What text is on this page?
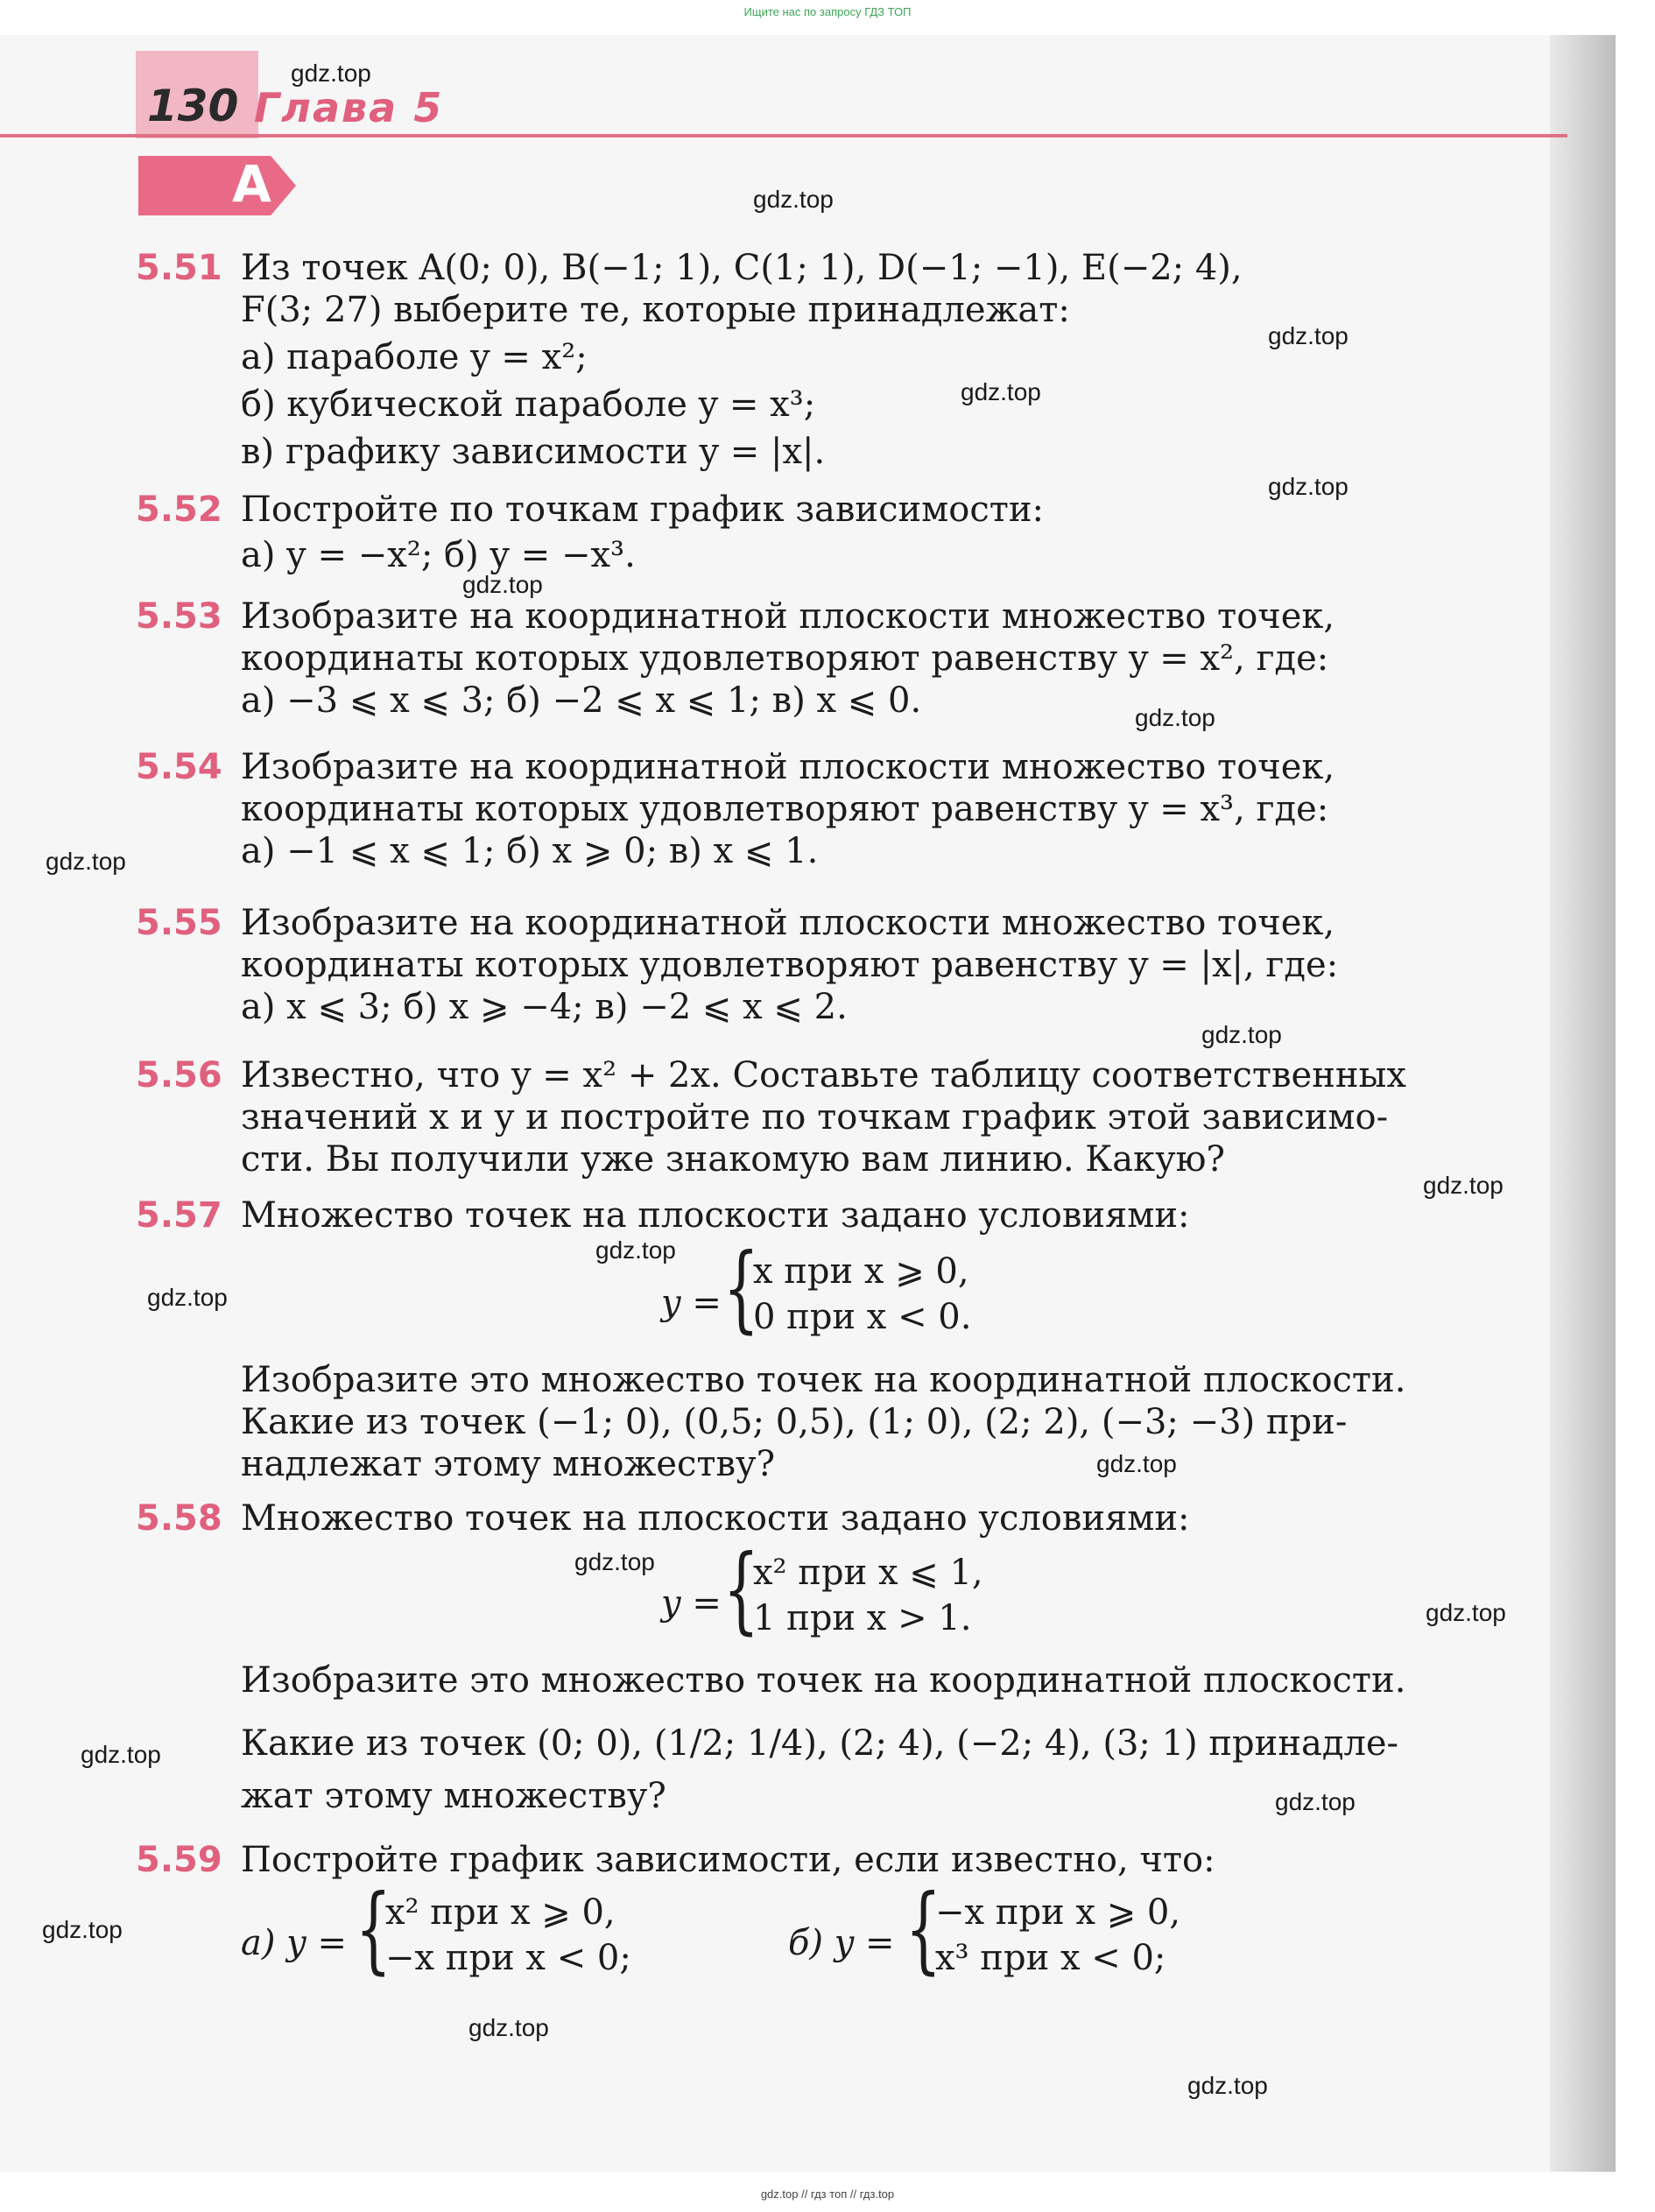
Ищите нас по запросу ГДЗ ТОП
130 Глава 5
А
5.51 Из точек A(0; 0), B(−1; 1), C(1; 1), D(−1; −1), E(−2; 4),
F(3; 27) выберите те, которые принадлежат:
а) параболе y = x²;
б) кубической параболе y = x³;
в) графику зависимости y = |x|.
5.52 Постройте по точкам график зависимости:
а) y = −x²; б) y = −x³.
5.53 Изобразите на координатной плоскости множество точек,
координаты которых удовлетворяют равенству y = x², где:
а) −3 ⩽ x ⩽ 3; б) −2 ⩽ x ⩽ 1; в) x ⩽ 0.
5.54 Изобразите на координатной плоскости множество точек,
координаты которых удовлетворяют равенству y = x³, где:
а) −1 ⩽ x ⩽ 1; б) x ⩾ 0; в) x ⩽ 1.
5.55 Изобразите на координатной плоскости множество точек,
координаты которых удовлетворяют равенству y = |x|, где:
а) x ⩽ 3; б) x ⩾ −4; в) −2 ⩽ x ⩽ 2.
5.56 Известно, что y = x² + 2x. Составьте таблицу соответственных
значений x и y и постройте по точкам график этой зависимо-
сти. Вы получили уже знакомую вам линию. Какую?
5.57 Множество точек на плоскости задано условиями:
y = {
x при x ⩾ 0,
0 при x < 0.
Изобразите это множество точек на координатной плоскости.
Какие из точек (−1; 0), (0,5; 0,5), (1; 0), (2; 2), (−3; −3) при-
надлежат этому множеству?
5.58 Множество точек на плоскости задано условиями:
y = {
x² при x ⩽ 1,
1 при x > 1.
Изобразите это множество точек на координатной плоскости.
Какие из точек (0; 0), (1/2; 1/4), (2; 4), (−2; 4), (3; 1) принадле-
жат этому множеству?
5.59 Постройте график зависимости, если известно, что:
а) y = {
x² при x ⩾ 0,
−x при x < 0;	б) y = {
−x при x ⩾ 0,
x³ при x < 0;
gdz.top
gdz.top
gdz.top
gdz.top
gdz.top
gdz.top
gdz.top
gdz.top
gdz.top
gdz.top
gdz.top
gdz.top
gdz.top
gdz.top
gdz.top
gdz.top
gdz.top
gdz.top
gdz.top
gdz.top
gdz.top // гдз топ // гдз.top
